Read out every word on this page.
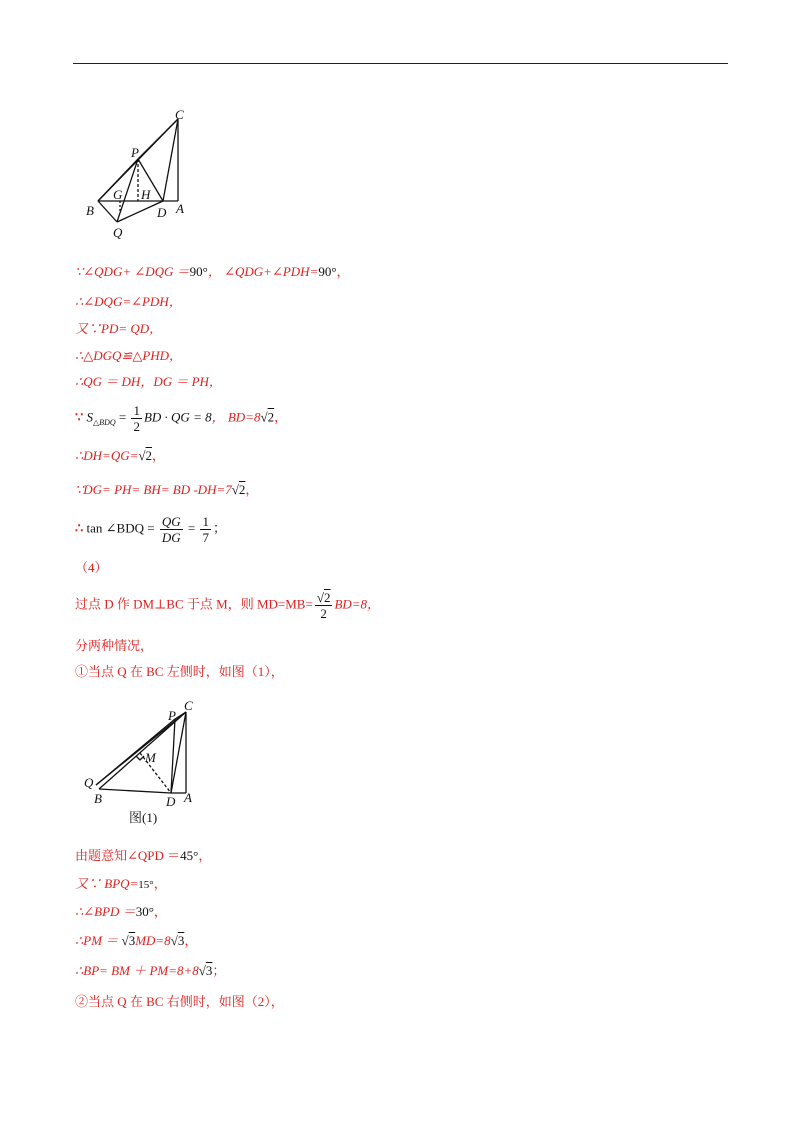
C
P
G H
B	D A
Q
∵∠QDG+ ∠DQG ＝90°， ∠QDG+∠PDH=90°，
∴∠DQG=∠PDH，
又∵PD= QD，
∴△DGQ≌△PHD，
∴QG ＝ DH，DG ＝ PH，
∵ $S_{\triangle BDQ} = \frac{1}{2}$ BD · QG = 8， BD=8√2，
∴DH=QG=√2，
∵DG= PH= BH= BD -DH=7√2，
∴ tan ∠BDQ = $\frac{QG}{DG} = \frac{1}{7}$ ；
（4）
过点 D 作 DM⊥BC 于点 M，则 $MD=MB= \frac{√2}{2} BD=8$，
分两种情况，
①当点 Q 在 BC 左侧时，如图（1），
P
C
M
Q
B	D A
图(1)
由题意知∠QPD ＝45°，
又∵ BPQ=15°，
∴∠BPD ＝30°，
∴PM ＝ √3MD=8√3，
∴BP= BM ＋ PM=8+8√3；
②当点 Q 在 BC 右侧时，如图（2），
